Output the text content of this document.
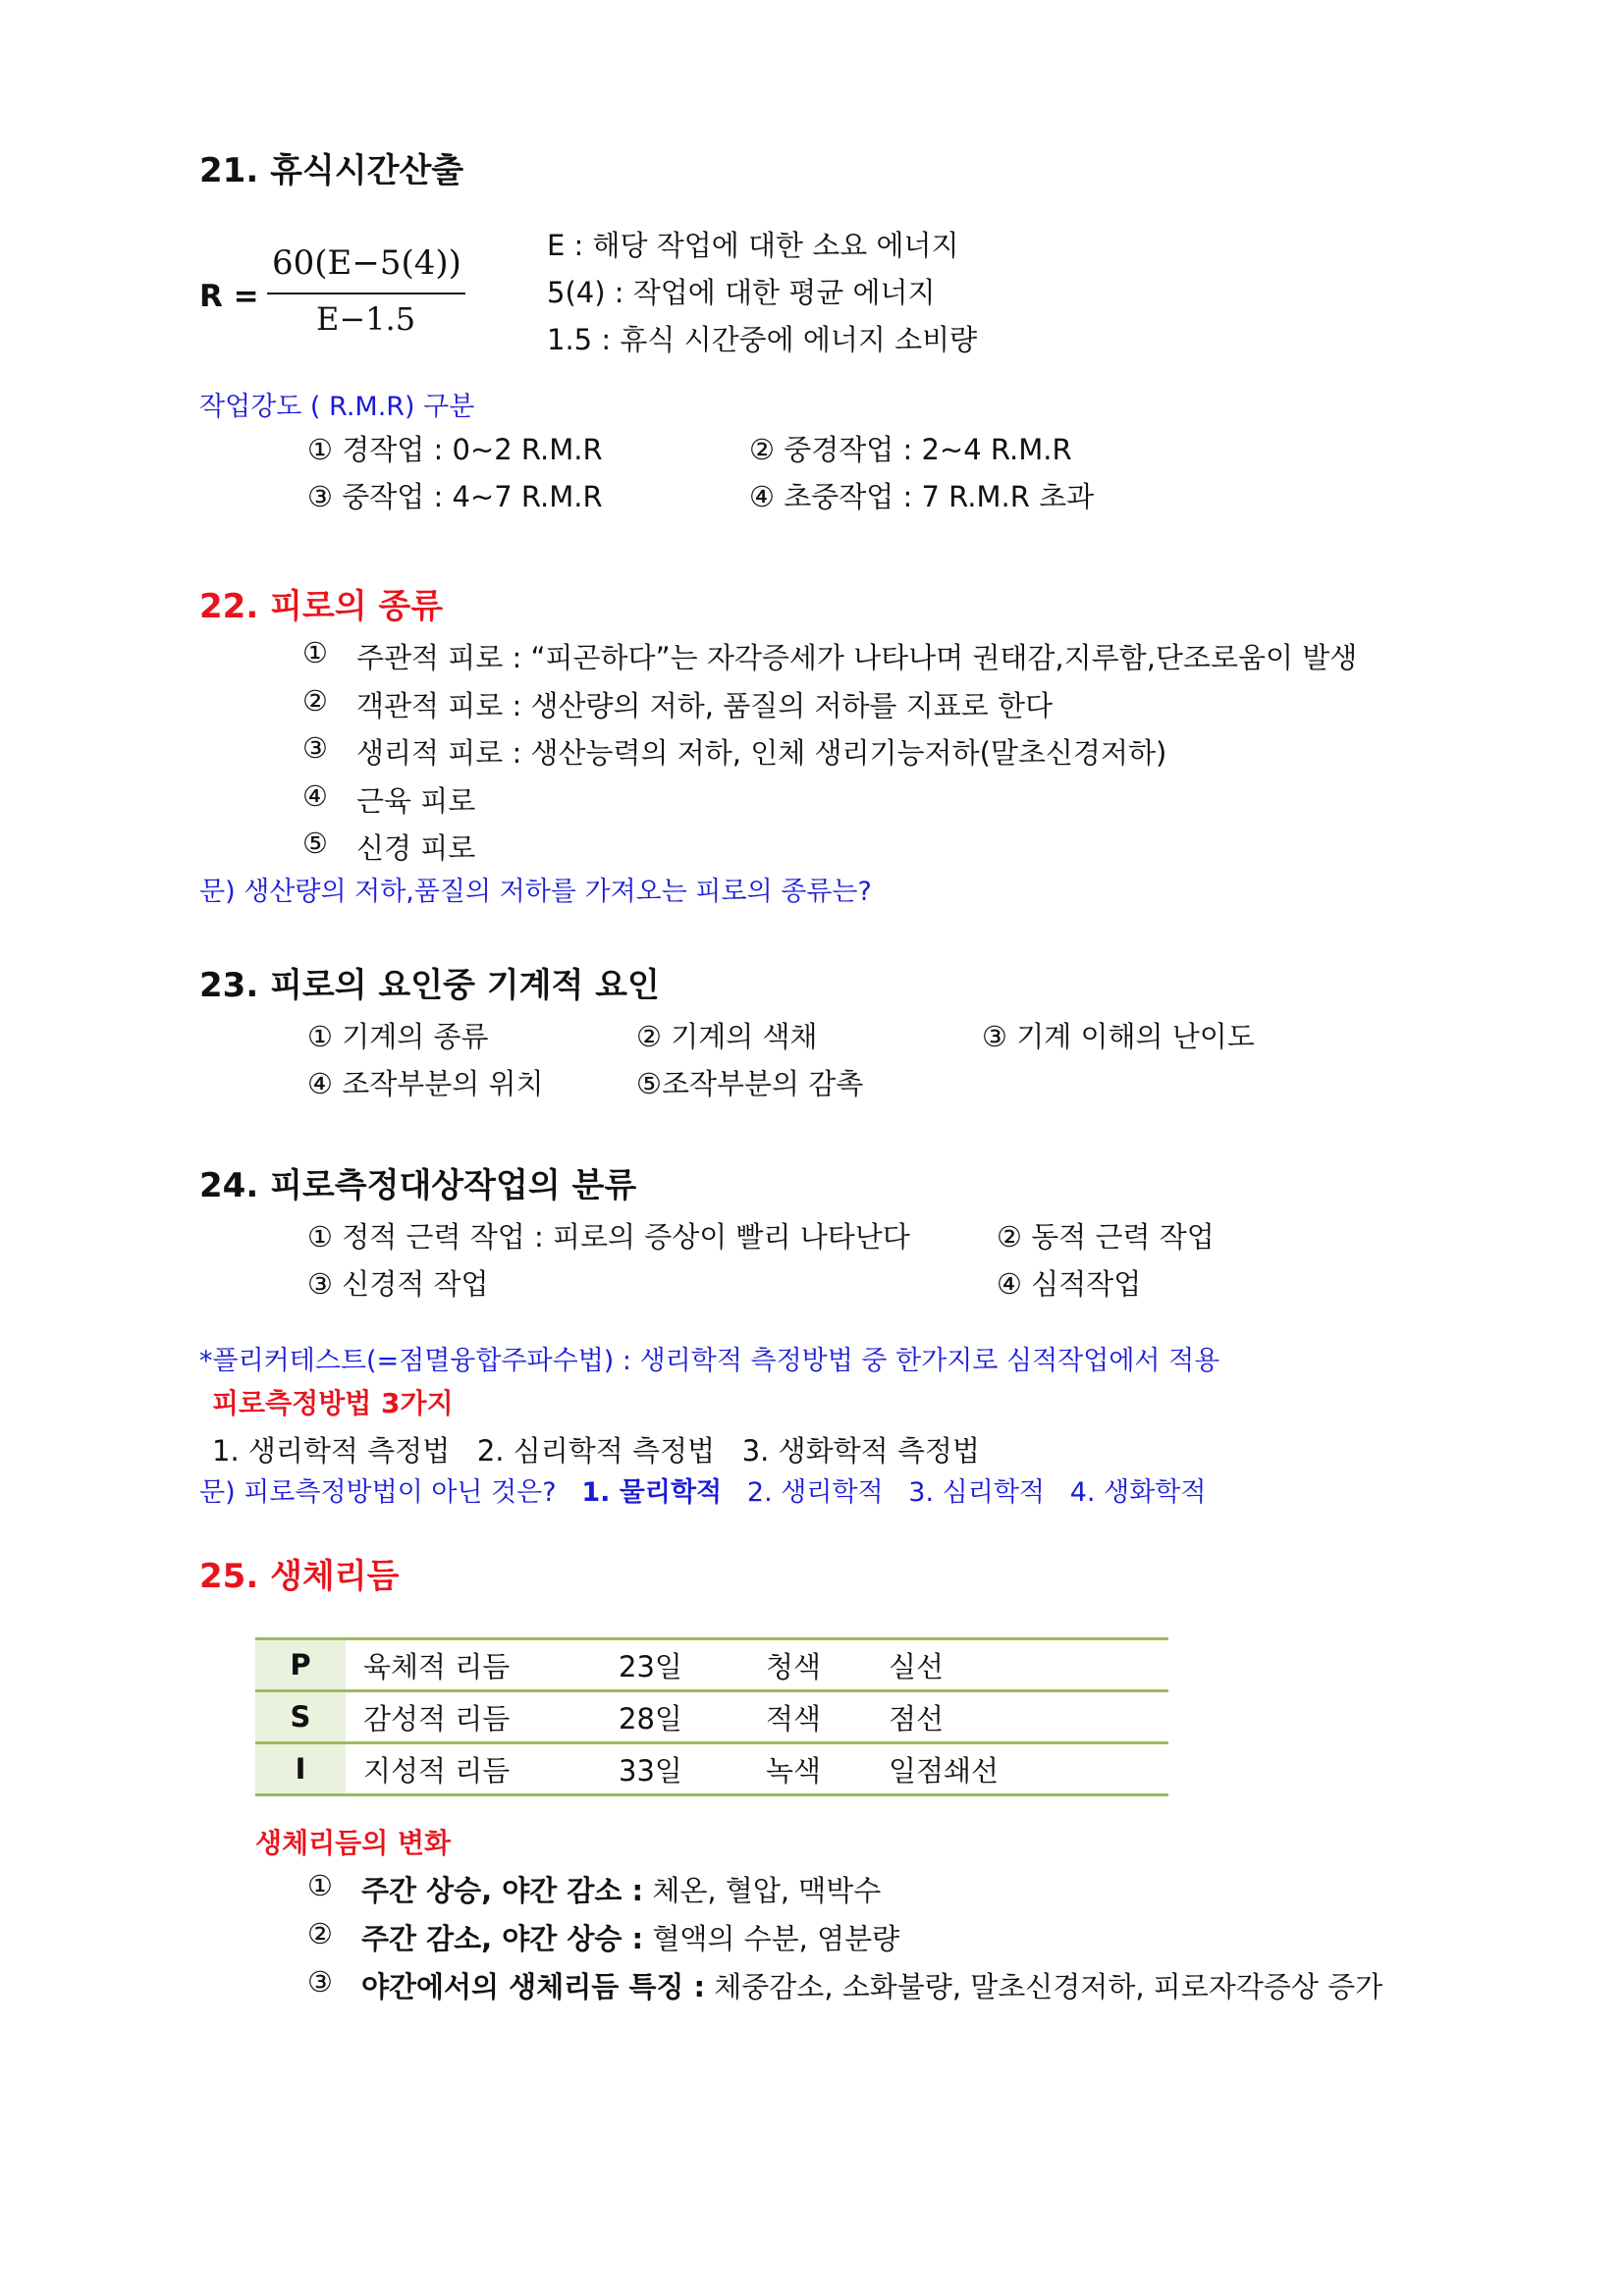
21. 휴식시간산출
R =
60(E−5(4))
E−1.5
E : 해당 작업에 대한 소요 에너지
5(4) : 작업에 대한 평균 에너지
1.5 : 휴식 시간중에 에너지 소비량
작업강도 ( R.M.R) 구분
① 경작업 : 0~2 R.M.R	② 중경작업 : 2~4 R.M.R
③ 중작업 : 4~7 R.M.R	④ 초중작업 : 7 R.M.R 초과
22. 피로의 종류
① 주관적 피로 : “피곤하다”는 자각증세가 나타나며 권태감,지루함,단조로움이 발생
② 객관적 피로 : 생산량의 저하, 품질의 저하를 지표로 한다
③ 생리적 피로 : 생산능력의 저하, 인체 생리기능저하(말초신경저하)
④ 근육 피로
⑤ 신경 피로
문) 생산량의 저하,품질의 저하를 가져오는 피로의 종류는?
23. 피로의 요인중 기계적 요인
① 기계의 종류	② 기계의 색채	③ 기계 이해의 난이도
④ 조작부분의 위치	⑤조작부분의 감촉
24. 피로측정대상작업의 분류
① 정적 근력 작업 : 피로의 증상이 빨리 나타난다	② 동적 근력 작업
③ 신경적 작업	④ 심적작업
*플리커테스트(=점멸융합주파수법) : 생리학적 측정방법 중 한가지로 심적작업에서 적용
피로측정방법 3가지
1. 생리학적 측정법   2. 심리학적 측정법   3. 생화학적 측정법
문) 피로측정방법이 아닌 것은? 1. 물리학적 2. 생리학적   3. 심리학적   4. 생화학적
25. 생체리듬
P	육체적 리듬	23일	청색	실선
S	감성적 리듬	28일	적색	점선
I	지성적 리듬	33일	녹색	일점쇄선
생체리듬의 변화
① 주간 상승, 야간 감소 : 체온, 혈압, 맥박수
② 주간 감소, 야간 상승 : 혈액의 수분, 염분량
③ 야간에서의 생체리듬 특징 : 체중감소, 소화불량, 말초신경저하, 피로자각증상 증가
